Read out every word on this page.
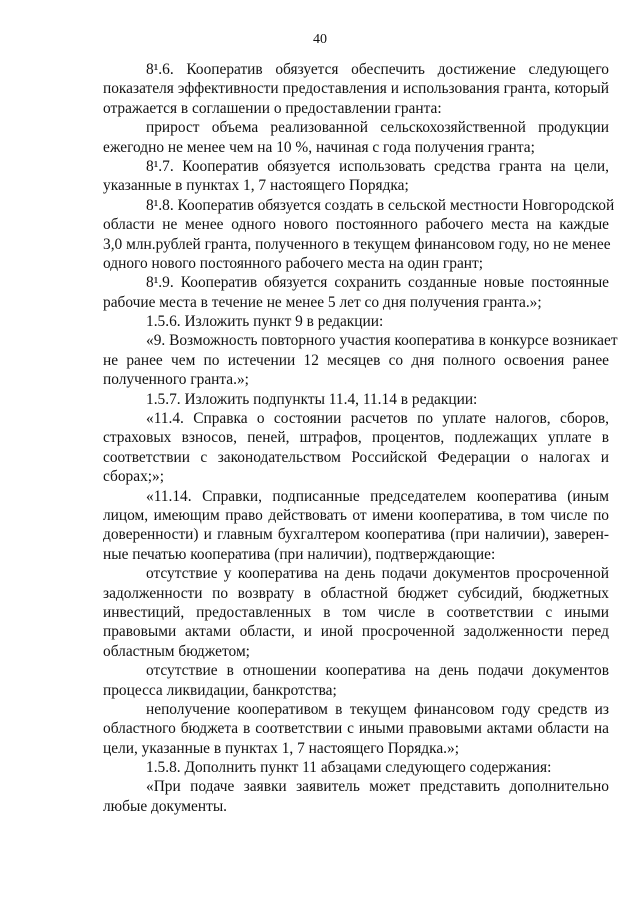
40
8¹.6. Кооператив обязуется обеспечить достижение следующего
показателя эффективности предоставления и использования гранта, который
отражается в соглашении о предоставлении гранта:
прирост объема реализованной сельскохозяйственной продукции
ежегодно не менее чем на 10 %, начиная с года получения гранта;
8¹.7. Кооператив обязуется использовать средства гранта на цели,
указанные в пунктах 1, 7 настоящего Порядка;
8¹.8. Кооператив обязуется создать в сельской местности Новгородской
области не менее одного нового постоянного рабочего места на каждые
3,0 млн.рублей гранта, полученного в текущем финансовом году, но не менее
одного нового постоянного рабочего места на один грант;
8¹.9. Кооператив обязуется сохранить созданные новые постоянные
рабочие места в течение не менее 5 лет со дня получения гранта.»;
1.5.6. Изложить пункт 9 в редакции:
«9. Возможность повторного участия кооператива в конкурсе возникает
не ранее чем по истечении 12 месяцев со дня полного освоения ранее
полученного гранта.»;
1.5.7. Изложить подпункты 11.4, 11.14 в редакции:
«11.4. Справка о состоянии расчетов по уплате налогов, сборов,
страховых взносов, пеней, штрафов, процентов, подлежащих уплате в
соответствии с законодательством Российской Федерации о налогах и
сборах;»;
«11.14. Справки, подписанные председателем кооператива (иным
лицом, имеющим право действовать от имени кооператива, в том числе по
доверенности) и главным бухгалтером кооператива (при наличии), заверен-
ные печатью кооператива (при наличии), подтверждающие:
отсутствие у кооператива на день подачи документов просроченной
задолженности по возврату в областной бюджет субсидий, бюджетных
инвестиций, предоставленных в том числе в соответствии с иными
правовыми актами области, и иной просроченной задолженности перед
областным бюджетом;
отсутствие в отношении кооператива на день подачи документов
процесса ликвидации, банкротства;
неполучение кооперативом в текущем финансовом году средств из
областного бюджета в соответствии с иными правовыми актами области на
цели, указанные в пунктах 1, 7 настоящего Порядка.»;
1.5.8. Дополнить пункт 11 абзацами следующего содержания:
«При подаче заявки заявитель может представить дополнительно
любые документы.
